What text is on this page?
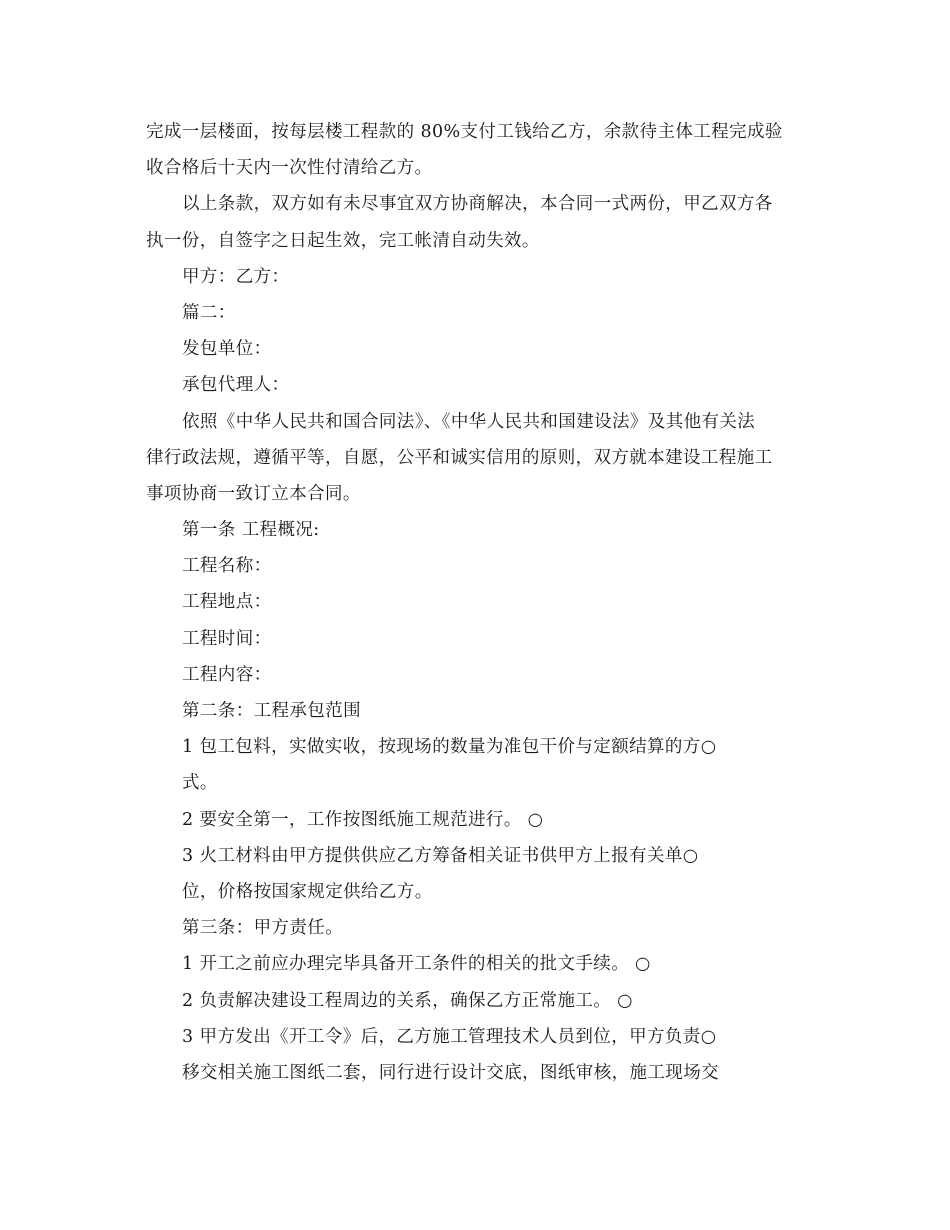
完成一层楼面，按每层楼工程款的 80%支付工钱给乙方，余款待主体工程完成验
收合格后十天内一次性付清给乙方。
以上条款，双方如有未尽事宜双方协商解决，本合同一式两份，甲乙双方各
执一份，自签字之日起生效，完工帐清自动失效。
甲方：乙方：
篇二：
发包单位：
承包代理人：
依照《中华人民共和国合同法》、《中华人民共和国建设法》及其他有关法
律行政法规，遵循平等，自愿，公平和诚实信用的原则，双方就本建设工程施工
事项协商一致订立本合同。
第一条 工程概况:
工程名称：
工程地点：
工程时间：
工程内容：
第二条：工程承包范围
1 包工包料，实做实收，按现场的数量为准包干价与定额结算的方○
式。
2 要安全第一，工作按图纸施工规范进行。 ○
3 火工材料由甲方提供供应乙方筹备相关证书供甲方上报有关单○
位，价格按国家规定供给乙方。
第三条：甲方责任。
1 开工之前应办理完毕具备开工条件的相关的批文手续。 ○
2 负责解决建设工程周边的关系，确保乙方正常施工。 ○
3 甲方发出《开工令》后，乙方施工管理技术人员到位，甲方负责○
移交相关施工图纸二套，同行进行设计交底，图纸审核，施工现场交
